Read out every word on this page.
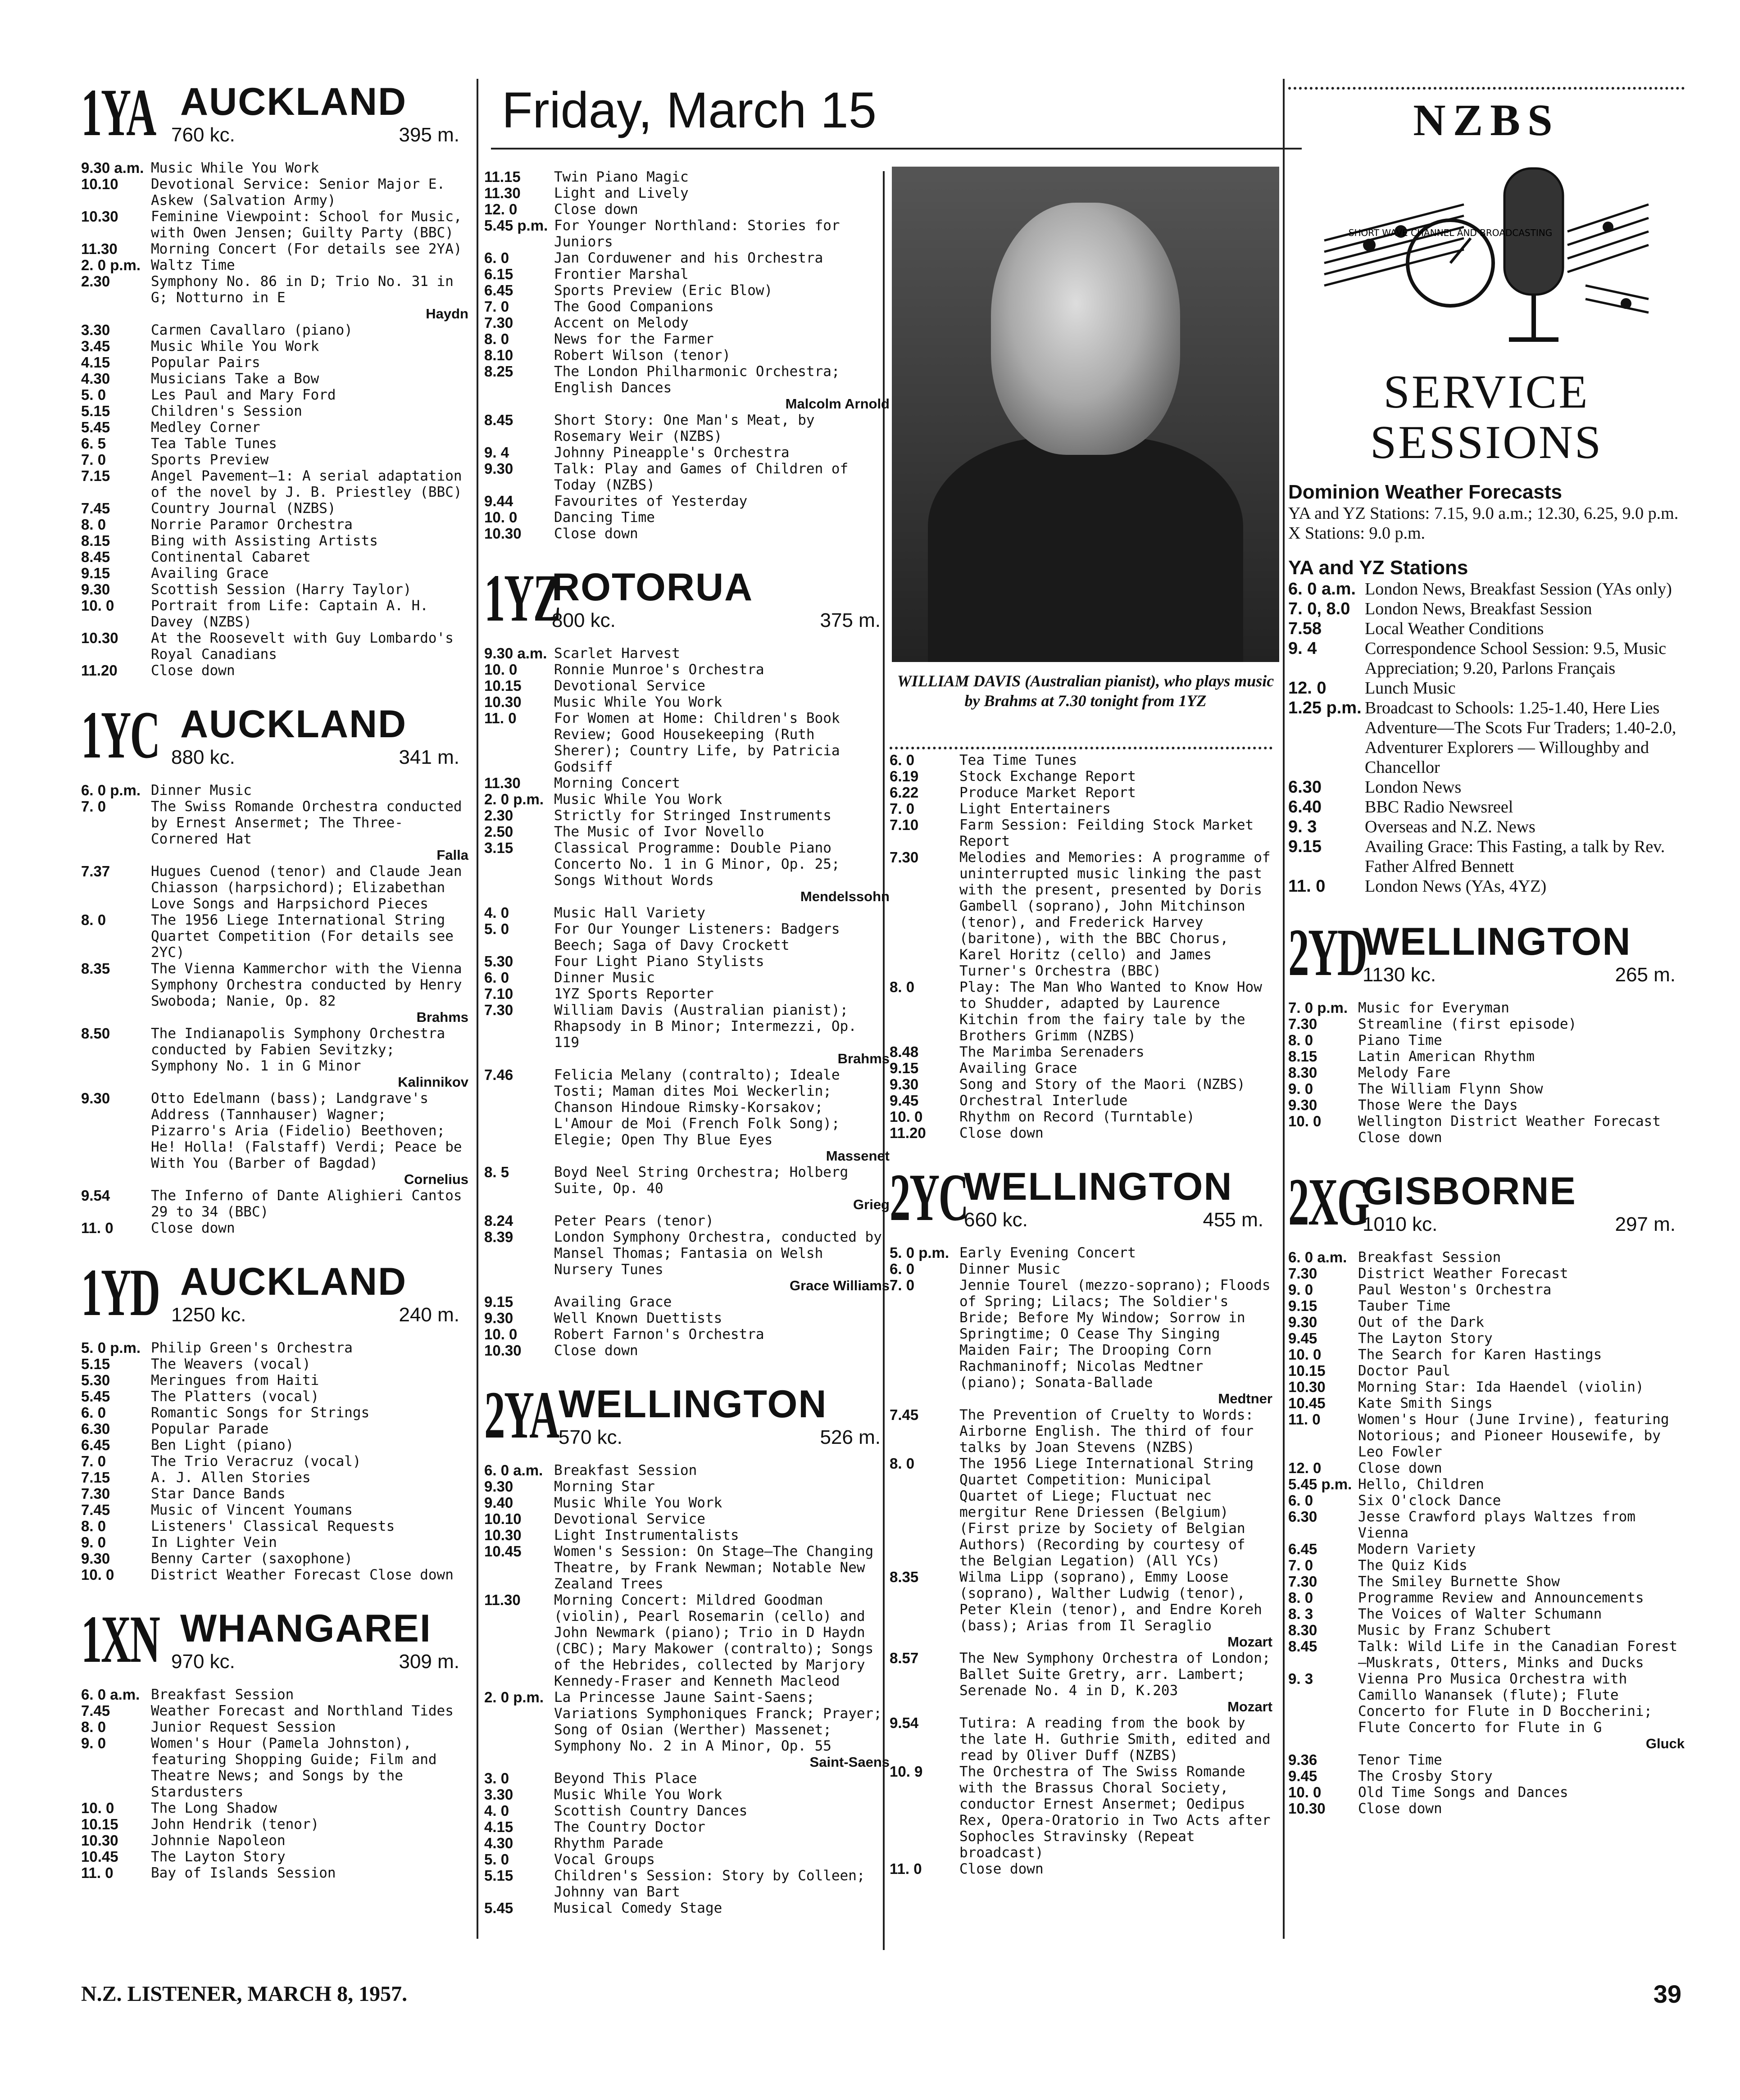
Friday, March 15
1YA AUCKLAND
760 kc.	395 m.
9.30 a.m. Music While You Work
10.10 Devotional Service: Senior Major E. Askew (Salvation Army)
10.30 Feminine Viewpoint: School for Music, with Owen Jensen; Guilty Party (BBC)
11.30 Morning Concert (For details see 2YA)
2. 0 p.m. Waltz Time
2.30	Symphony No. 86 in D; Trio No. 31 in G; Notturno in E
Haydn
3.30	Carmen Cavallaro (piano)
3.45	Music While You Work
4.15	Popular Pairs
4.30	Musicians Take a Bow
5. 0	Les Paul and Mary Ford
5.15	Children's Session
5.45	Medley Corner
6. 5	Tea Table Tunes
7. 0	Sports Preview
7.15	Angel Pavement—1: A serial adaptation of the novel by J. B. Priestley (BBC)
7.45	Country Journal (NZBS)
8. 0	Norrie Paramor Orchestra
8.15	Bing with Assisting Artists
8.45	Continental Cabaret
9.15	Availing Grace
9.30	Scottish Session (Harry Taylor)
10. 0	Portrait from Life: Captain A. H. Davey (NZBS)
10.30 At the Roosevelt with Guy Lombardo's Royal Canadians
11.20 Close down
1YC AUCKLAND
880 kc.	341 m.
6. 0 p.m. Dinner Music
7. 0	The Swiss Romande Orchestra conducted by Ernest Ansermet; The Three-Cornered Hat
Falla
7.37	Hugues Cuenod (tenor) and Claude Jean Chiasson (harpsichord); Elizabethan Love Songs and Harpsichord Pieces
8. 0	The 1956 Liege International String Quartet Competition (For details see 2YC)
8.35	The Vienna Kammerchor with the Vienna Symphony Orchestra conducted by Henry Swoboda; Nanie, Op. 82
Brahms
8.50	The Indianapolis Symphony Orchestra conducted by Fabien Sevitzky; Symphony No. 1 in G Minor
Kalinnikov
9.30	Otto Edelmann (bass); Landgrave's Address (Tannhauser) Wagner; Pizarro's Aria (Fidelio) Beethoven; He! Holla! (Falstaff) Verdi; Peace be With You (Barber of Bagdad)
Cornelius
9.54	The Inferno of Dante Alighieri Cantos 29 to 34 (BBC)
11. 0	Close down
1YD AUCKLAND
1250 kc.	240 m.
5. 0 p.m. Philip Green's Orchestra
5.15	The Weavers (vocal)
5.30	Meringues from Haiti
5.45	The Platters (vocal)
6. 0	Romantic Songs for Strings
6.30	Popular Parade
6.45	Ben Light (piano)
7. 0	The Trio Veracruz (vocal)
7.15	A. J. Allen Stories
7.30	Star Dance Bands
7.45	Music of Vincent Youmans
8. 0	Listeners' Classical Requests
9. 0	In Lighter Vein
9.30	Benny Carter (saxophone)
10. 0	District Weather Forecast Close down
1XN WHANGAREI
970 kc.	309 m.
6. 0 a.m. Breakfast Session
7.45	Weather Forecast and Northland Tides
8. 0	Junior Request Session
9. 0	Women's Hour (Pamela Johnston), featuring Shopping Guide; Film and Theatre News; and Songs by the Stardusters
10. 0	The Long Shadow
10.15 John Hendrik (tenor)
10.30 Johnnie Napoleon
10.45 The Layton Story
11. 0	Bay of Islands Session
11.15 Twin Piano Magic
11.30 Light and Lively
12. 0	Close down
5.45 p.m. For Younger Northland: Stories for Juniors
6. 0	Jan Corduwener and his Orchestra
6.15	Frontier Marshal
6.45	Sports Preview (Eric Blow)
7. 0	The Good Companions
7.30	Accent on Melody
8. 0	News for the Farmer
8.10	Robert Wilson (tenor)
8.25	The London Philharmonic Orchestra; English Dances
Malcolm Arnold
8.45	Short Story: One Man's Meat, by Rosemary Weir (NZBS)
9. 4	Johnny Pineapple's Orchestra
9.30	Talk: Play and Games of Children of Today (NZBS)
9.44	Favourites of Yesterday
10. 0	Dancing Time
10.30 Close down
1YZ
ROTORUA
800 kc.	375 m.
9.30 a.m. Scarlet Harvest
10. 0	Ronnie Munroe's Orchestra
10.15 Devotional Service
10.30 Music While You Work
11. 0	For Women at Home: Children's Book Review; Good Housekeeping (Ruth Sherer); Country Life, by Patricia Godsiff
11.30 Morning Concert
2. 0 p.m. Music While You Work
2.30	Strictly for Stringed Instruments
2.50	The Music of Ivor Novello
3.15	Classical Programme: Double Piano Concerto No. 1 in G Minor, Op. 25; Songs Without Words
Mendelssohn
4. 0	Music Hall Variety
5. 0	For Our Younger Listeners: Badgers Beech; Saga of Davy Crockett
5.30	Four Light Piano Stylists
6. 0	Dinner Music
7.10	1YZ Sports Reporter
7.30	William Davis (Australian pianist); Rhapsody in B Minor; Intermezzi, Op. 119
Brahms
7.46	Felicia Melany (contralto); Ideale Tosti; Maman dites Moi Weckerlin; Chanson Hindoue Rimsky-Korsakov; L'Amour de Moi (French Folk Song); Elegie; Open Thy Blue Eyes
Massenet
8. 5	Boyd Neel String Orchestra; Holberg Suite, Op. 40
Grieg
8.24	Peter Pears (tenor)
8.39	London Symphony Orchestra, conducted by Mansel Thomas; Fantasia on Welsh Nursery Tunes
Grace Williams
9.15	Availing Grace
9.30	Well Known Duettists
10. 0	Robert Farnon's Orchestra
10.30 Close down
2YA WELLINGTON
570 kc.	526 m.
6. 0 a.m. Breakfast Session
9.30	Morning Star
9.40	Music While You Work
10.10 Devotional Service
10.30 Light Instrumentalists
10.45 Women's Session: On Stage—The Changing Theatre, by Frank Newman; Notable New Zealand Trees
11.30 Morning Concert: Mildred Goodman (violin), Pearl Rosemarin (cello) and John Newmark (piano); Trio in D Haydn (CBC); Mary Makower (contralto); Songs of the Hebrides, collected by Marjory Kennedy-Fraser and Kenneth Macleod
2. 0 p.m. La Princesse Jaune Saint-Saens; Variations Symphoniques Franck; Prayer; Song of Osian (Werther) Massenet; Symphony No. 2 in A Minor, Op. 55
Saint-Saens
3. 0	Beyond This Place
3.30	Music While You Work
4. 0	Scottish Country Dances
4.15	The Country Doctor
4.30	Rhythm Parade
5. 0	Vocal Groups
5.15	Children's Session: Story by Colleen; Johnny van Bart
5.45	Musical Comedy Stage
WILLIAM DAVIS (Australian pianist), who plays music by Brahms at 7.30 tonight from 1YZ
6. 0	Tea Time Tunes
6.19	Stock Exchange Report
6.22	Produce Market Report
7. 0	Light Entertainers
7.10	Farm Session: Feilding Stock Market Report
7.30	Melodies and Memories: A programme of uninterrupted music linking the past with the present, presented by Doris Gambell (soprano), John Mitchinson (tenor), and Frederick Harvey (baritone), with the BBC Chorus, Karel Horitz (cello) and James Turner's Orchestra (BBC)
8. 0	Play: The Man Who Wanted to Know How to Shudder, adapted by Laurence Kitchin from the fairy tale by the Brothers Grimm (NZBS)
8.48	The Marimba Serenaders
9.15	Availing Grace
9.30	Song and Story of the Maori (NZBS)
9.45	Orchestral Interlude
10. 0	Rhythm on Record (Turntable)
11.20 Close down
2YC
WELLINGTON
660 kc.	455 m.
5. 0 p.m. Early Evening Concert
6. 0	Dinner Music
7. 0	Jennie Tourel (mezzo-soprano); Floods of Spring; Lilacs; The Soldier's Bride; Before My Window; Sorrow in Springtime; O Cease Thy Singing Maiden Fair; The Drooping Corn Rachmaninoff; Nicolas Medtner (piano); Sonata-Ballade
Medtner
7.45	The Prevention of Cruelty to Words: Airborne English. The third of four talks by Joan Stevens (NZBS)
8. 0	The 1956 Liege International String Quartet Competition: Municipal Quartet of Liege; Fluctuat nec mergitur Rene Driessen (Belgium) (First prize by Society of Belgian Authors) (Recording by courtesy of the Belgian Legation) (All YCs)
8.35	Wilma Lipp (soprano), Emmy Loose (soprano), Walther Ludwig (tenor), Peter Klein (tenor), and Endre Koreh (bass); Arias from Il Seraglio
Mozart
8.57	The New Symphony Orchestra of London; Ballet Suite Gretry, arr. Lambert; Serenade No. 4 in D, K.203
Mozart
9.54	Tutira: A reading from the book by the late H. Guthrie Smith, edited and read by Oliver Duff (NZBS)
10. 9	The Orchestra of The Swiss Romande with the Brassus Choral Society, conductor Ernest Ansermet; Oedipus Rex, Opera-Oratorio in Two Acts after Sophocles Stravinsky (Repeat broadcast)
11. 0	Close down
NZBS
SHORT WAVE CHANNEL AND BROADCASTING
SERVICE SESSIONS
Dominion Weather Forecasts
YA and YZ Stations: 7.15, 9.0 a.m.; 12.30, 6.25, 9.0 p.m.
X Stations: 9.0 p.m.
YA and YZ Stations
6. 0 a.m. London News, Breakfast Session (YAs only)
7. 0, 8.0 London News, Breakfast Session
7.58	Local Weather Conditions
9. 4	Correspondence School Session: 9.5, Music Appreciation; 9.20, Parlons Français
12. 0 Lunch Music
1.25 p.m. Broadcast to Schools: 1.25-1.40, Here Lies Adventure—The Scots Fur Traders; 1.40-2.0, Adventurer Explorers — Willoughby and Chancellor
6.30	London News
6.40	BBC Radio Newsreel
9. 3	Overseas and N.Z. News
9.15	Availing Grace: This Fasting, a talk by Rev. Father Alfred Bennett
11. 0 London News (YAs, 4YZ)
2YD
WELLINGTON
1130 kc.	265 m.
7. 0 p.m. Music for Everyman
7.30	Streamline (first episode)
8. 0	Piano Time
8.15	Latin American Rhythm
8.30	Melody Fare
9. 0	The William Flynn Show
9.30	Those Were the Days
10. 0	Wellington District Weather Forecast Close down
2XG
GISBORNE
1010 kc.	297 m.
6. 0 a.m. Breakfast Session
7.30	District Weather Forecast
9. 0	Paul Weston's Orchestra
9.15	Tauber Time
9.30	Out of the Dark
9.45	The Layton Story
10. 0	The Search for Karen Hastings
10.15 Doctor Paul
10.30 Morning Star: Ida Haendel (violin)
10.45 Kate Smith Sings
11. 0	Women's Hour (June Irvine), featuring Notorious; and Pioneer Housewife, by Leo Fowler
12. 0	Close down
5.45 p.m. Hello, Children
6. 0	Six O'clock Dance
6.30	Jesse Crawford plays Waltzes from Vienna
6.45	Modern Variety
7. 0	The Quiz Kids
7.30	The Smiley Burnette Show
8. 0	Programme Review and Announcements
8. 3	The Voices of Walter Schumann
8.30	Music by Franz Schubert
8.45	Talk: Wild Life in the Canadian Forest—Muskrats, Otters, Minks and Ducks
9. 3	Vienna Pro Musica Orchestra with Camillo Wanansek (flute); Flute Concerto for Flute in D Boccherini; Flute Concerto for Flute in G
Gluck
9.36	Tenor Time
9.45	The Crosby Story
10. 0	Old Time Songs and Dances
10.30 Close down
N.Z. LISTENER, MARCH 8, 1957.	39
